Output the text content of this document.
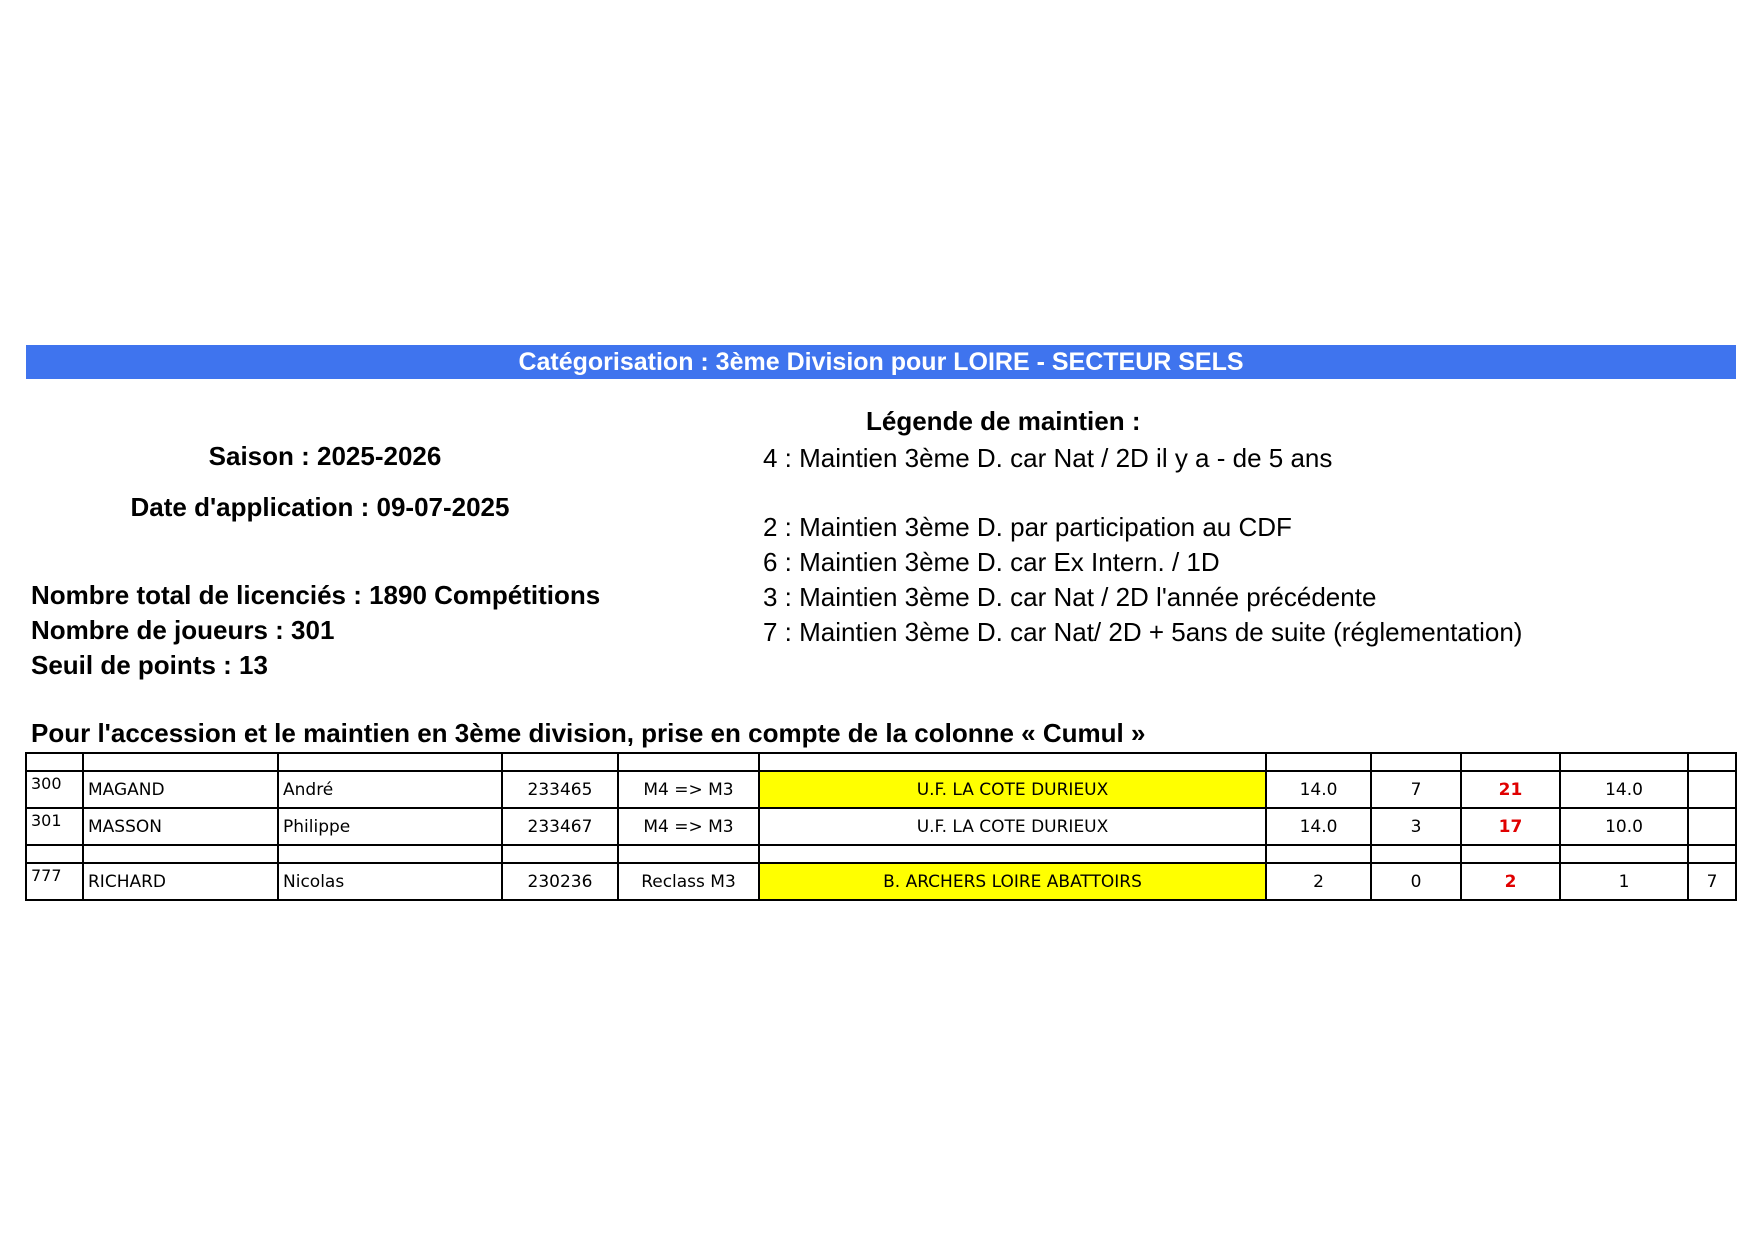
Catégorisation : 3ème Division pour LOIRE - SECTEUR SELS
Saison : 2025-2026
Date d'application : 09-07-2025
Nombre total de licenciés : 1890 Compétitions
Nombre de joueurs : 301
Seuil de points : 13
Légende de maintien :
4 : Maintien 3ème D. car Nat / 2D il y a - de 5 ans
2 : Maintien 3ème D. par participation au CDF
6 : Maintien 3ème D. car Ex Intern. / 1D
3 : Maintien 3ème D. car Nat / 2D l'année précédente
7 : Maintien 3ème D. car Nat/ 2D + 5ans de suite (réglementation)
Pour l'accession et le maintien en 3ème division, prise en compte de la colonne « Cumul »

300	MAGAND	André	233465	M4 => M3	U.F. LA COTE DURIEUX	14.0	7	21	14.0	
301	MASSON	Philippe	233467	M4 => M3	U.F. LA COTE DURIEUX	14.0	3	17	10.0	

777	RICHARD	Nicolas	230236	Reclass M3	B. ARCHERS LOIRE ABATTOIRS	2	0	2	1	7
